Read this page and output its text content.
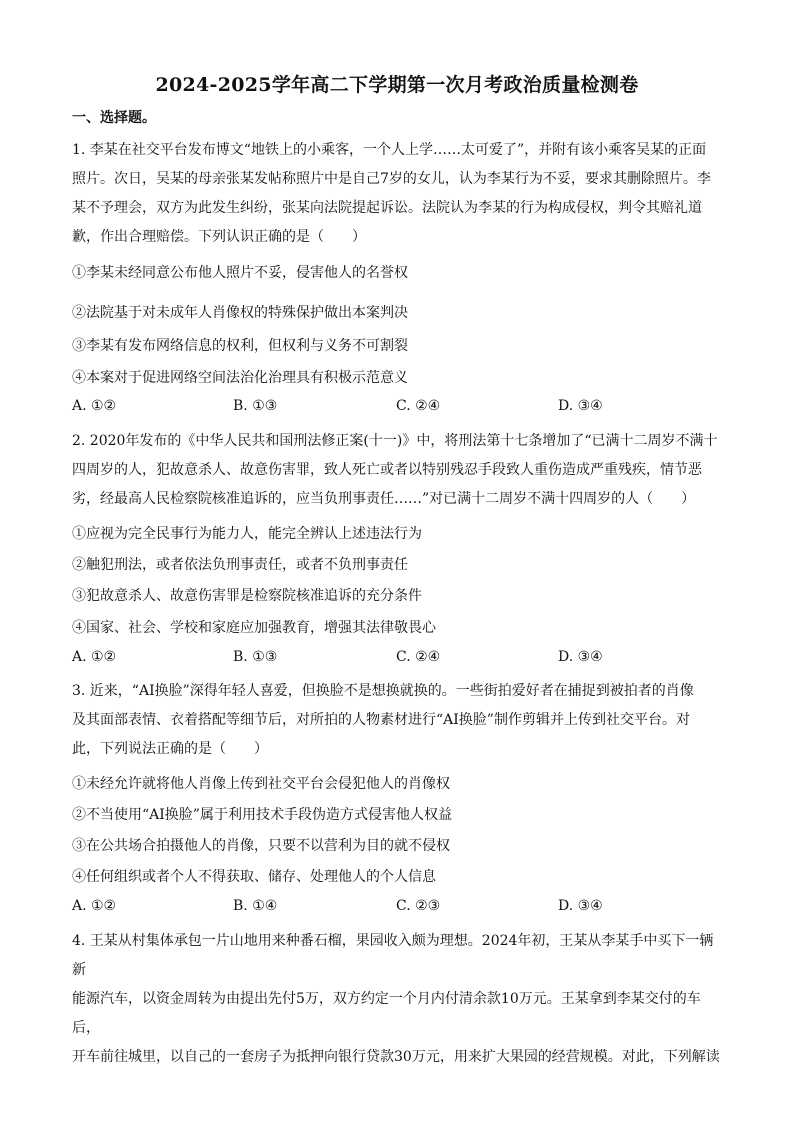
2024-2025学年高二下学期第一次月考政治质量检测卷
一、选择题。

1. 李某在社交平台发布博文“地铁上的小乘客，一个人上学……太可爱了”，并附有该小乘客吴某的正面

照片。次日，吴某的母亲张某发帖称照片中是自己7岁的女儿，认为李某行为不妥，要求其删除照片。李

某不予理会，双方为此发生纠纷，张某向法院提起诉讼。法院认为李某的行为构成侵权，判令其赔礼道

歉，作出合理赔偿。下列认识正确的是（　　）

①李某未经同意公布他人照片不妥，侵害他人的名誉权
②法院基于对未成年人肖像权的特殊保护做出本案判决
③李某有发布网络信息的权利，但权利与义务不可割裂
④本案对于促进网络空间法治化治理具有积极示范意义
A. ①②	B. ①③	C. ②④	D. ③④

2. 2020年发布的《中华人民共和国刑法修正案(十一)》中，将刑法第十七条增加了“已满十二周岁不满十

四周岁的人，犯故意杀人、故意伤害罪，致人死亡或者以特别残忍手段致人重伤造成严重残疾，情节恶

劣，经最高人民检察院核准追诉的，应当负刑事责任……”对已满十二周岁不满十四周岁的人（　　）

①应视为完全民事行为能力人，能完全辨认上述违法行为
②触犯刑法，或者依法负刑事责任，或者不负刑事责任
③犯故意杀人、故意伤害罪是检察院核准追诉的充分条件
④国家、社会、学校和家庭应加强教育，增强其法律敬畏心
A. ①②	B. ①③	C. ②④	D. ③④

3. 近来，“AI换脸”深得年轻人喜爱，但换脸不是想换就换的。一些街拍爱好者在捕捉到被拍者的肖像

及其面部表情、衣着搭配等细节后，对所拍的人物素材进行“AI换脸”制作剪辑并上传到社交平台。对

此，下列说法正确的是（　　）

①未经允许就将他人肖像上传到社交平台会侵犯他人的肖像权
②不当使用“AI换脸”属于利用技术手段伪造方式侵害他人权益
③在公共场合拍摄他人的肖像，只要不以营利为目的就不侵权
④任何组织或者个人不得获取、储存、处理他人的个人信息
A. ①②	B. ①④	C. ②③	D. ③④

4. 王某从村集体承包一片山地用来种番石榴，果园收入颇为理想。2024年初，王某从李某手中买下一辆新

能源汽车，以资金周转为由提出先付5万，双方约定一个月内付清余款10万元。王某拿到李某交付的车后，

开车前往城里，以自己的一套房子为抵押向银行贷款30万元，用来扩大果园的经营规模。对此，下列解读
